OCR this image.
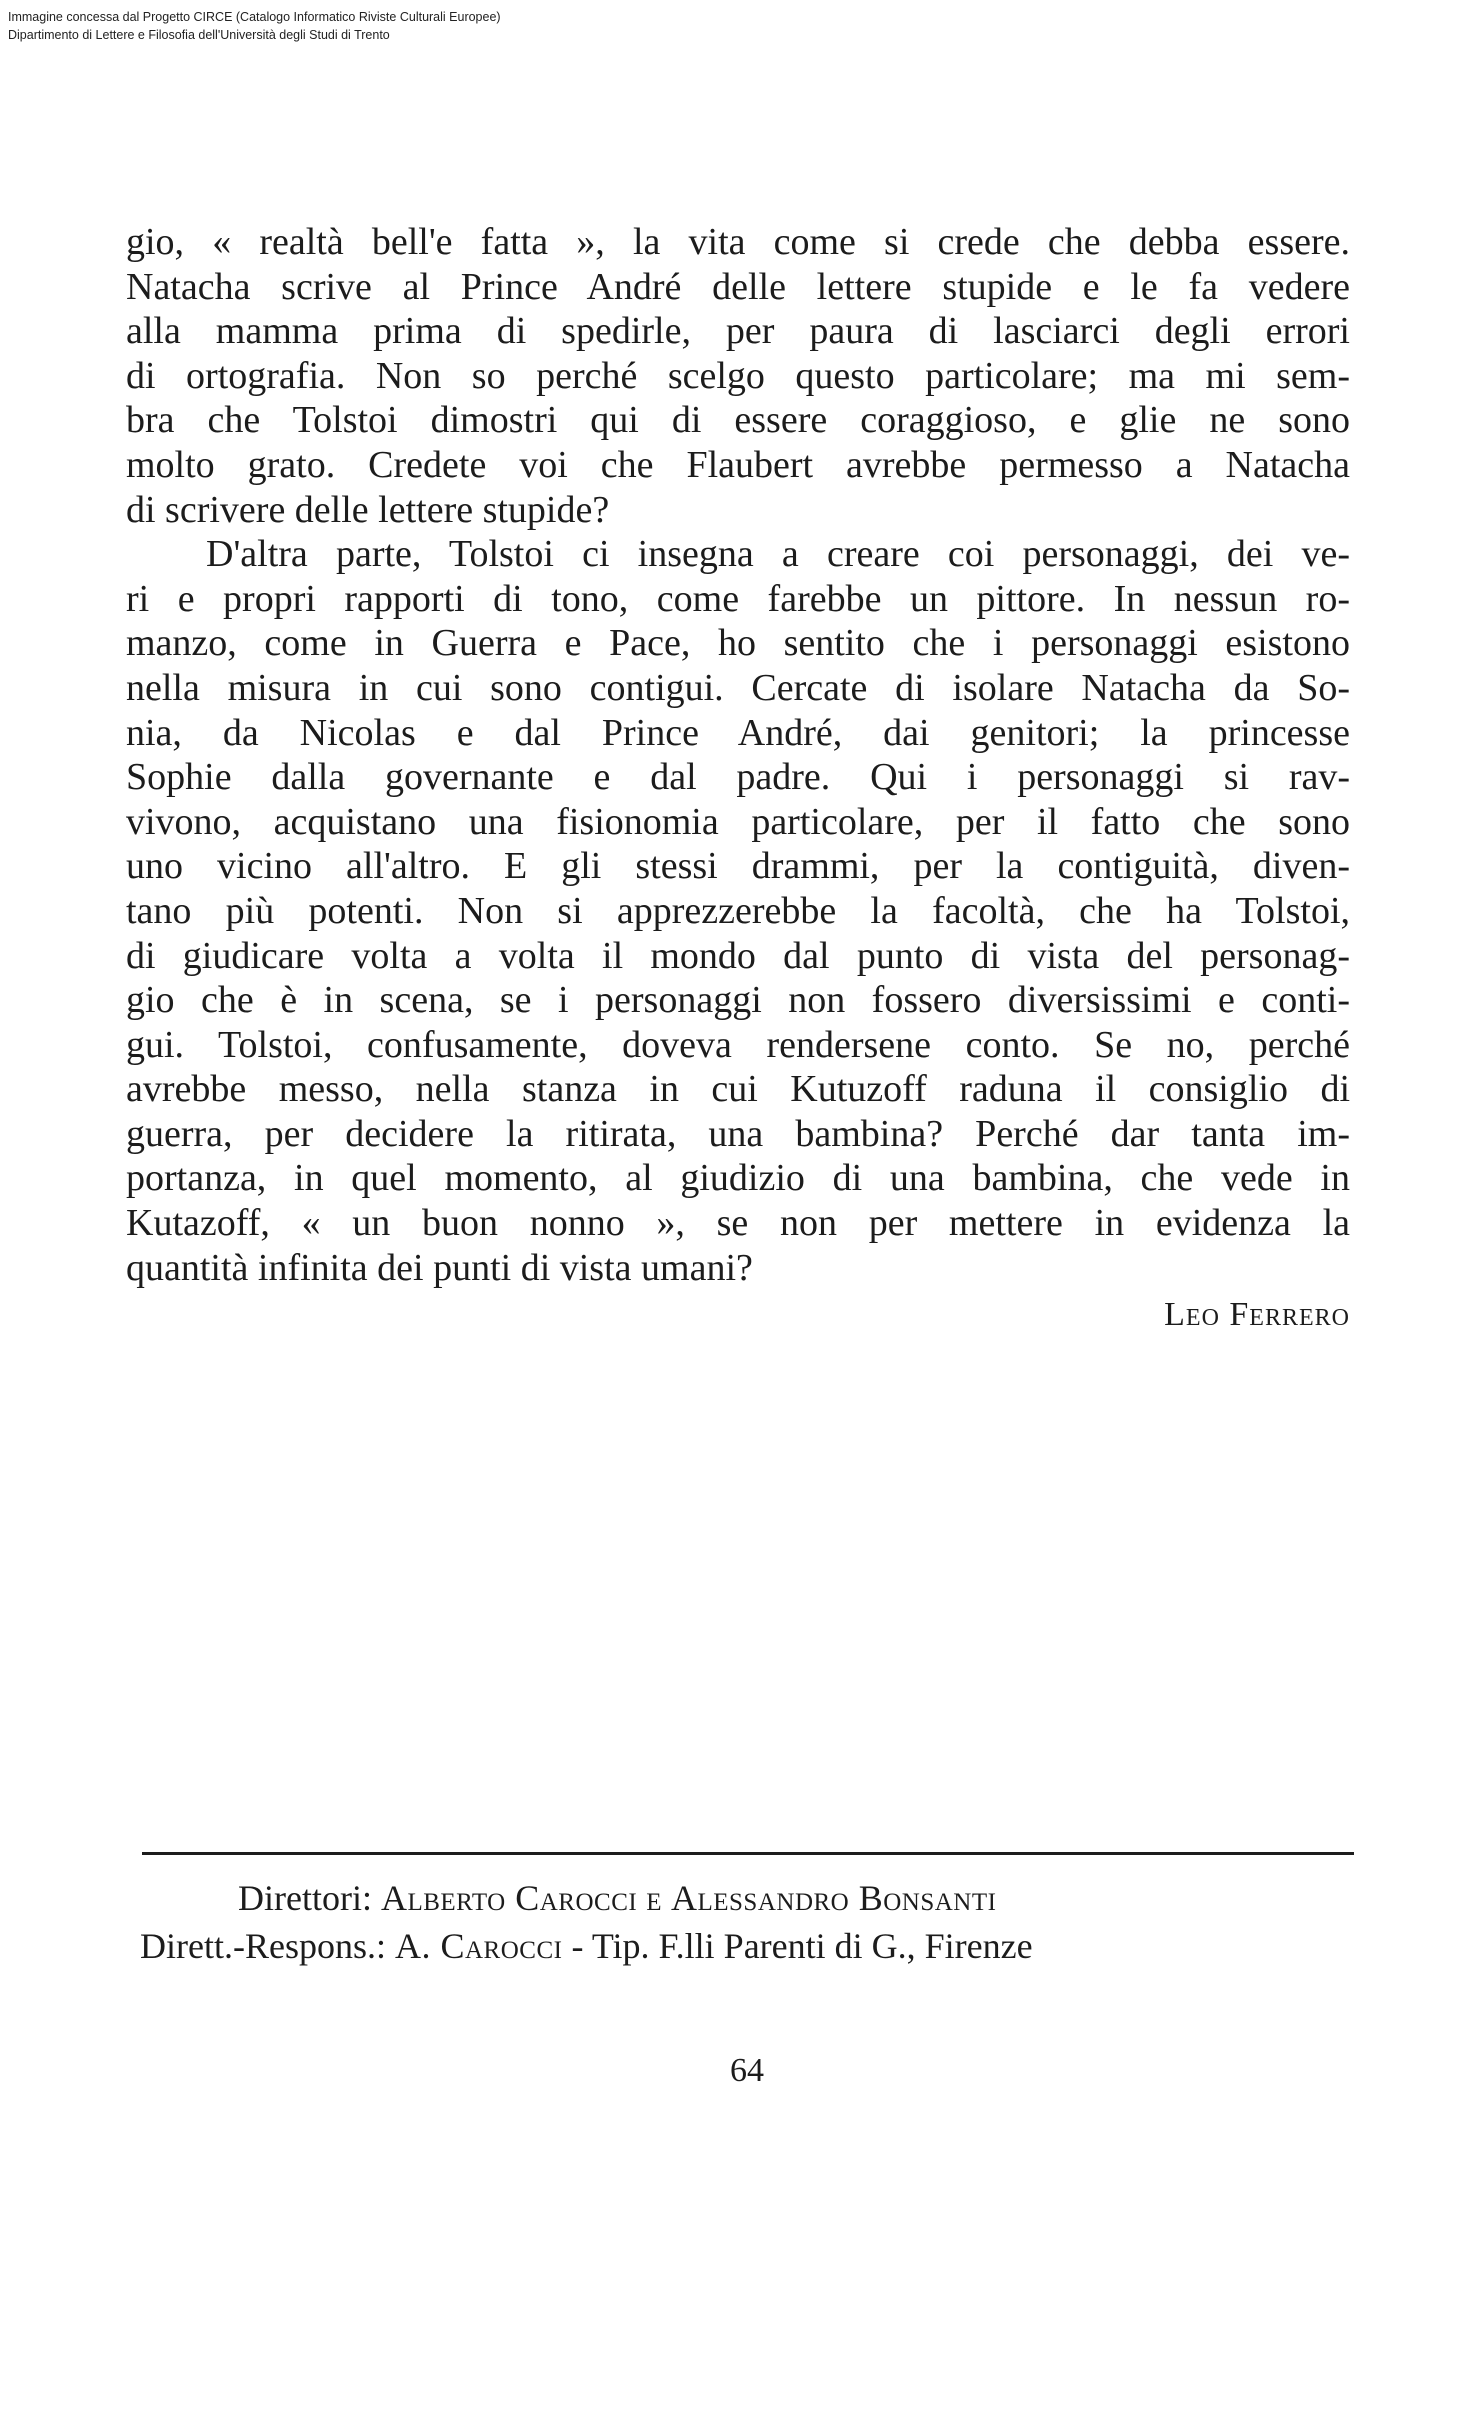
Immagine concessa dal Progetto CIRCE (Catalogo Informatico Riviste Culturali Europee)
Dipartimento di Lettere e Filosofia dell'Università degli Studi di Trento
gio, « realtà bell'e fatta », la vita come si crede che debba essere.
Natacha scrive al Prince André delle lettere stupide e le fa vedere
alla mamma prima di spedirle, per paura di lasciarci degli errori
di ortografia. Non so perché scelgo questo particolare; ma mi sem-
bra che Tolstoi dimostri qui di essere coraggioso, e glie ne sono
molto grato. Credete voi che Flaubert avrebbe permesso a Natacha
di scrivere delle lettere stupide?
D'altra parte, Tolstoi ci insegna a creare coi personaggi, dei ve-
ri e propri rapporti di tono, come farebbe un pittore. In nessun ro-
manzo, come in Guerra e Pace, ho sentito che i personaggi esistono
nella misura in cui sono contigui. Cercate di isolare Natacha da So-
nia, da Nicolas e dal Prince André, dai genitori; la princesse
Sophie dalla governante e dal padre. Qui i personaggi si rav-
vivono, acquistano una fisionomia particolare, per il fatto che sono
uno vicino all'altro. E gli stessi drammi, per la contiguità, diven-
tano più potenti. Non si apprezzerebbe la facoltà, che ha Tolstoi,
di giudicare volta a volta il mondo dal punto di vista del personag-
gio che è in scena, se i personaggi non fossero diversissimi e conti-
gui. Tolstoi, confusamente, doveva rendersene conto. Se no, perché
avrebbe messo, nella stanza in cui Kutuzoff raduna il consiglio di
guerra, per decidere la ritirata, una bambina? Perché dar tanta im-
portanza, in quel momento, al giudizio di una bambina, che vede in
Kutazoff, « un buon nonno », se non per mettere in evidenza la
quantità infinita dei punti di vista umani?
Leo Ferrero
Direttori: Alberto Carocci e Alessandro Bonsanti
Dirett.-Respons.: A. Carocci - Tip. F.lli Parenti di G., Firenze
64
